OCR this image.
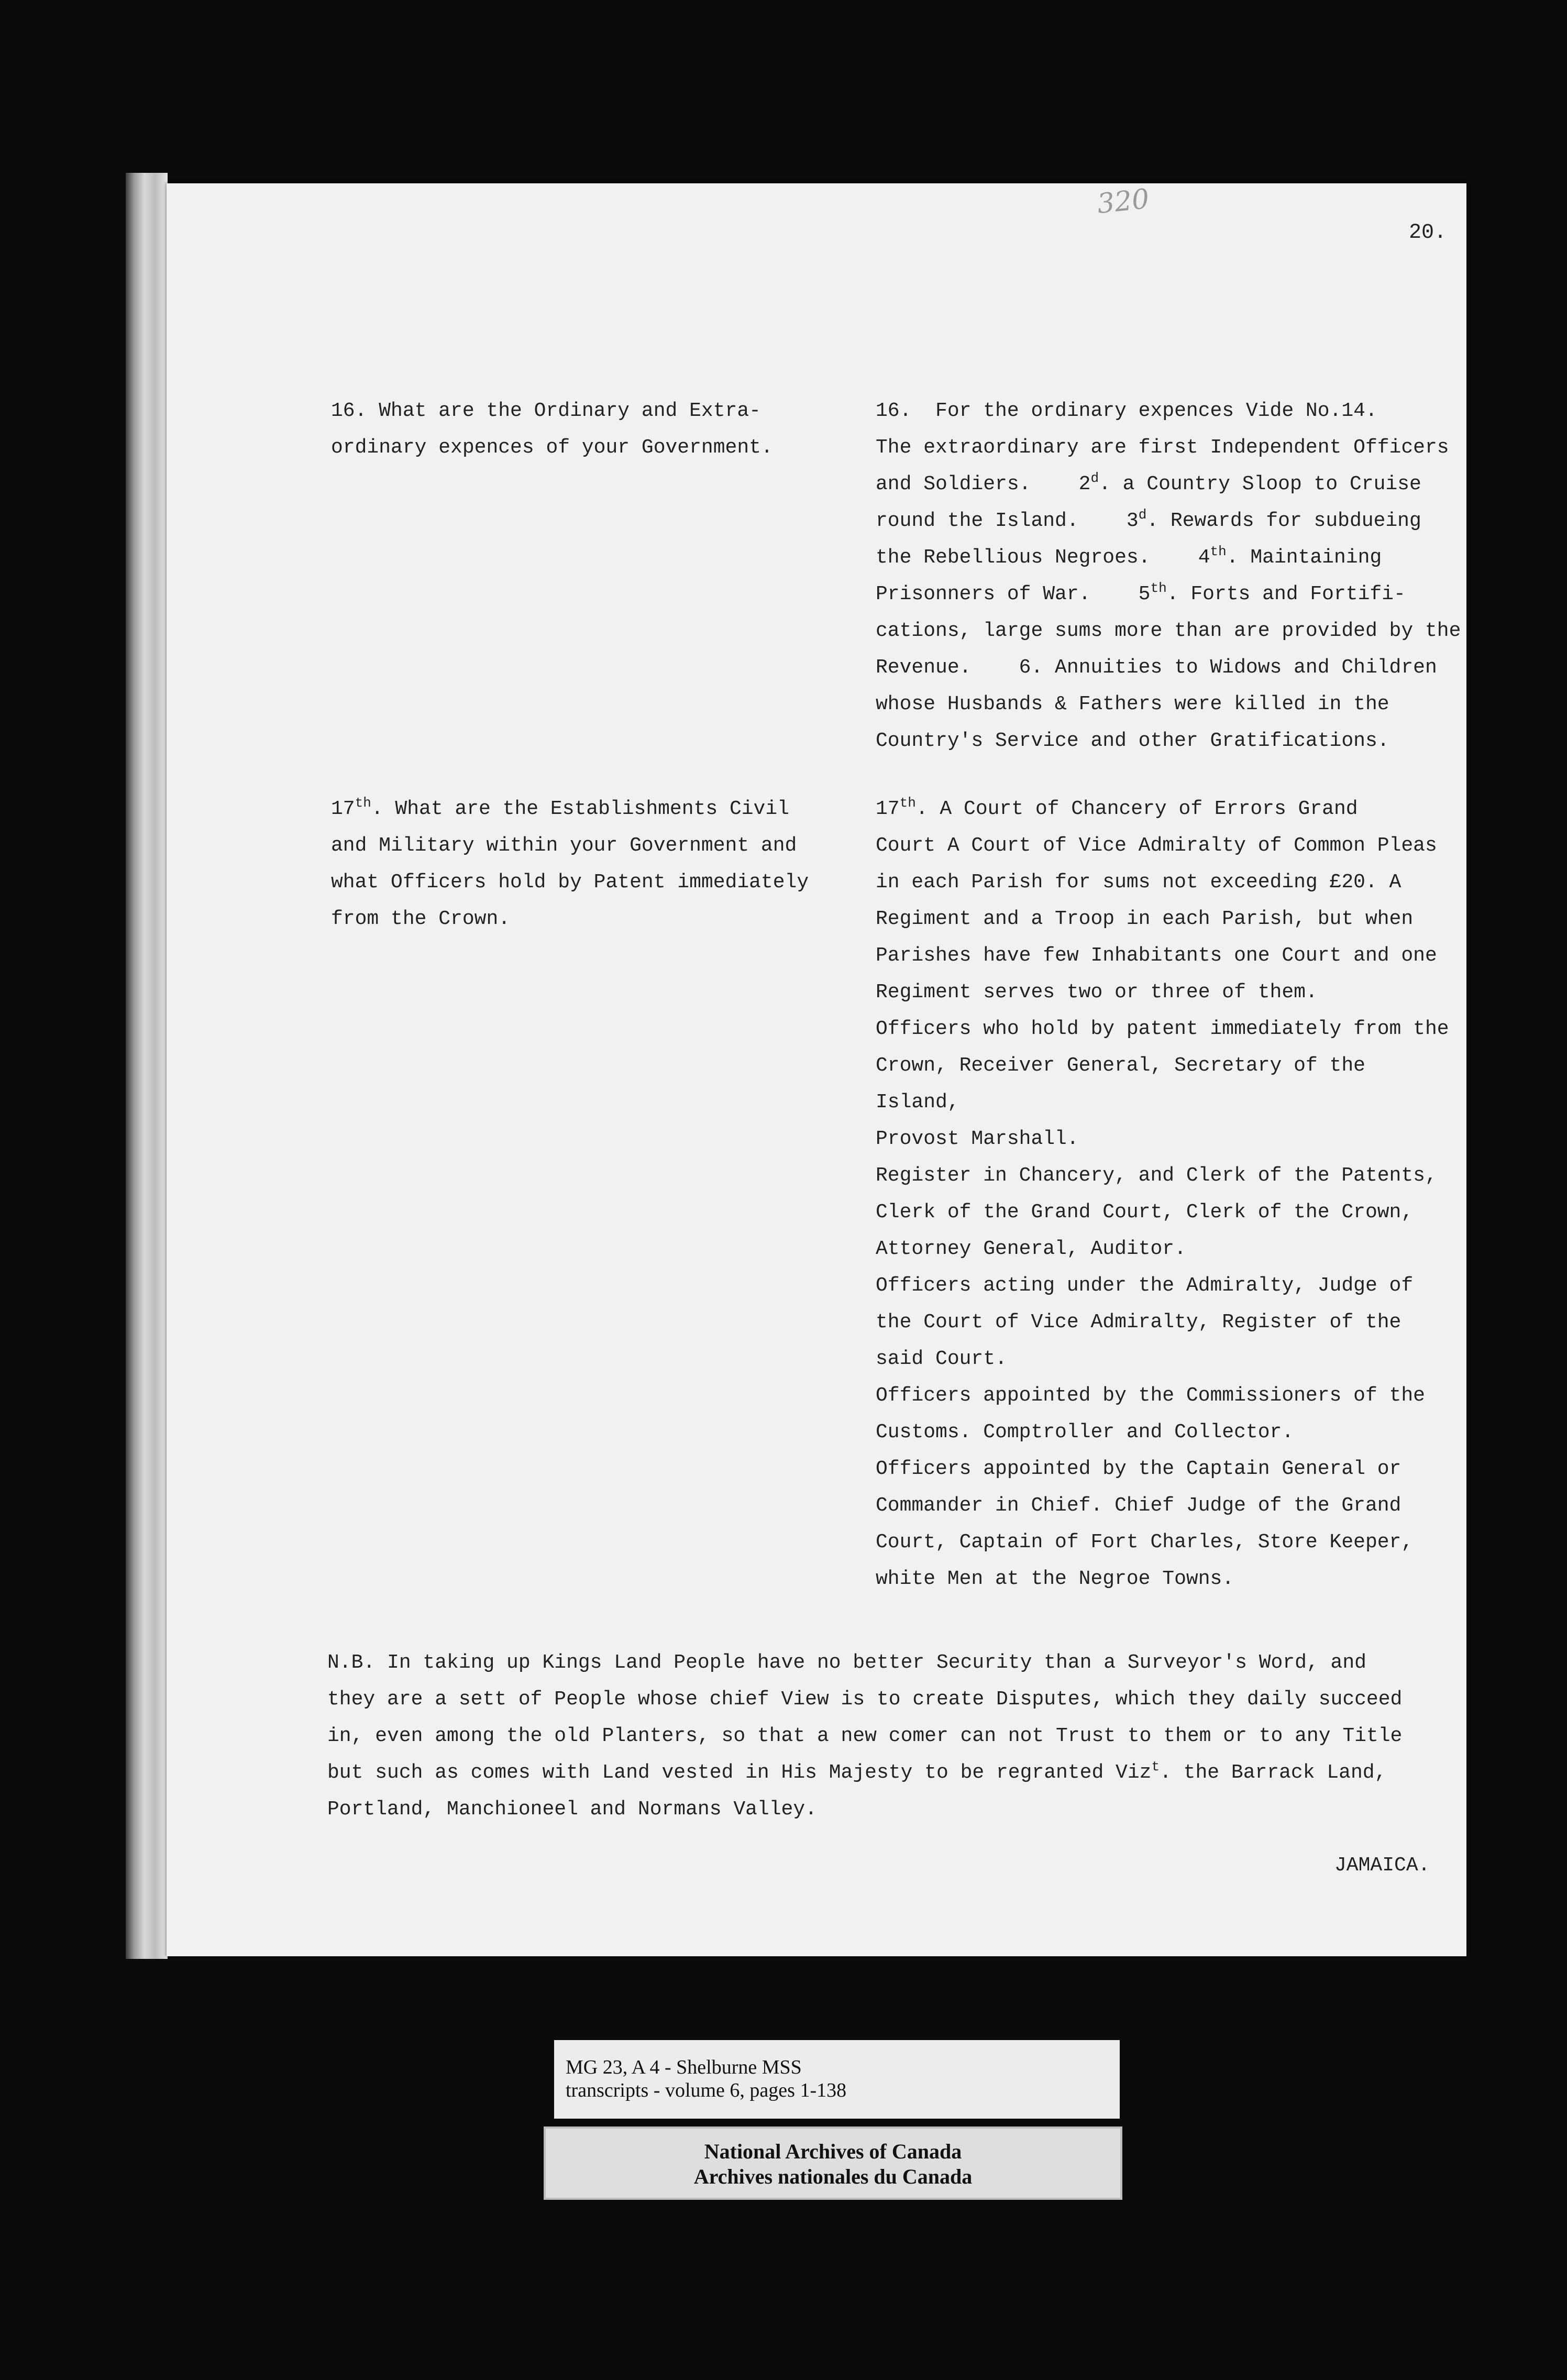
20.
16. What are the Ordinary and Extra-
ordinary expences of your Government.
16.  For the ordinary expences Vide No.14.
The extraordinary are first Independent Officers
and Soldiers.    2$^d$. a Country Sloop to Cruise
round the Island.    3$^d$. Rewards for subdueing
the Rebellious Negroes.    4th. Maintaining
Prisonners of War.    5th. Forts and Fortifi-
cations, large sums more than are provided by the
Revenue.    6. Annuities to Widows and Children
whose Husbands & Fathers were killed in the
Country's Service and other Gratifications.
17th. What are the Establishments Civil
and Military within your Government and
what Officers hold by Patent immediately
from the Crown.
17th. A Court of Chancery of Errors Grand
Court A Court of Vice Admiralty of Common Pleas
in each Parish for sums not exceeding £20. A
Regiment and a Troop in each Parish, but when
Parishes have few Inhabitants one Court and one
Regiment serves two or three of them.
Officers who hold by patent immediately from the
Crown, Receiver General, Secretary of the Island,
Provost Marshall.
Register in Chancery, and Clerk of the Patents,
Clerk of the Grand Court, Clerk of the Crown,
Attorney General, Auditor.
Officers acting under the Admiralty, Judge of
the Court of Vice Admiralty, Register of the
said Court.
Officers appointed by the Commissioners of the
Customs. Comptroller and Collector.
Officers appointed by the Captain General or
Commander in Chief. Chief Judge of the Grand
Court, Captain of Fort Charles, Store Keeper,
white Men at the Negroe Towns.

N.B. In taking up Kings Land People have no better Security than a Surveyor's Word, and

they are a sett of People whose chief View is to create Disputes, which they daily succeed

in, even among the old Planters, so that a new comer can not Trust to them or to any Title

but such as comes with Land vested in His Majesty to be regranted Viz$^t$. the Barrack Land,

Portland, Manchioneel and Normans Valley.

JAMAICA.
320
MG 23, A 4 - Shelburne MSS
transcripts - volume 6, pages 1-138
National Archives of Canada
Archives nationales du Canada
